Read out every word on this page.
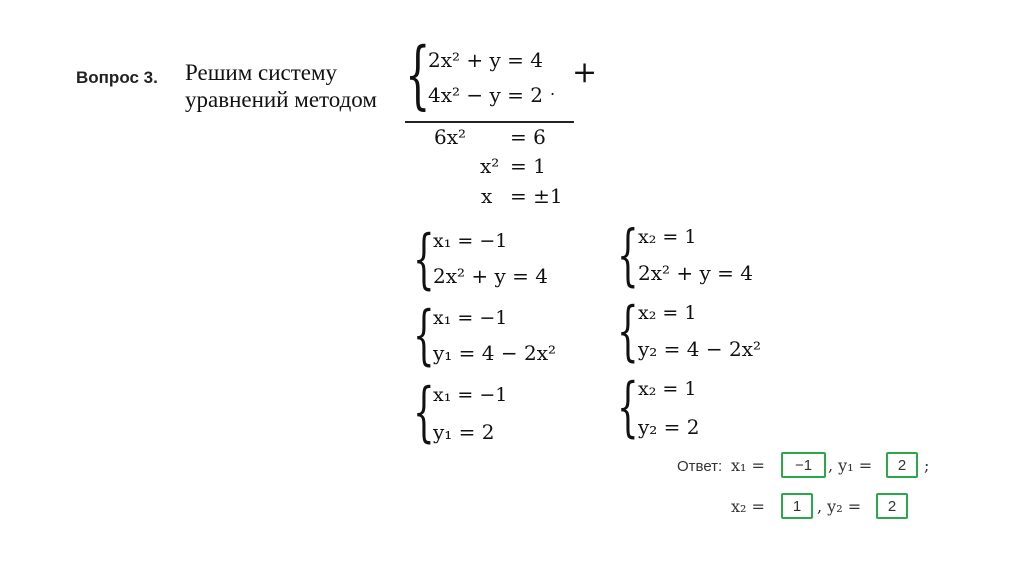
Вопрос 3. Решим систему
уравнений методом {
2x² + y = 4
4x² − y = 2 . +
6x² = 6
x² = 1
x = ±1
{
x₁ = −1
2x² + y = 4
{
x₁ = −1
y₁ = 4 − 2x²
{
x₁ = −1
y₁ = 2
{ x₂ = 1
2x² + y = 4
{ x₂ = 1
y₂ = 4 − 2x²
{ x₂ = 1
y₂ = 2
Ответ: x₁ =	−1 , y₁ =	2	;
x₂ =	1 , y₂ =	2
